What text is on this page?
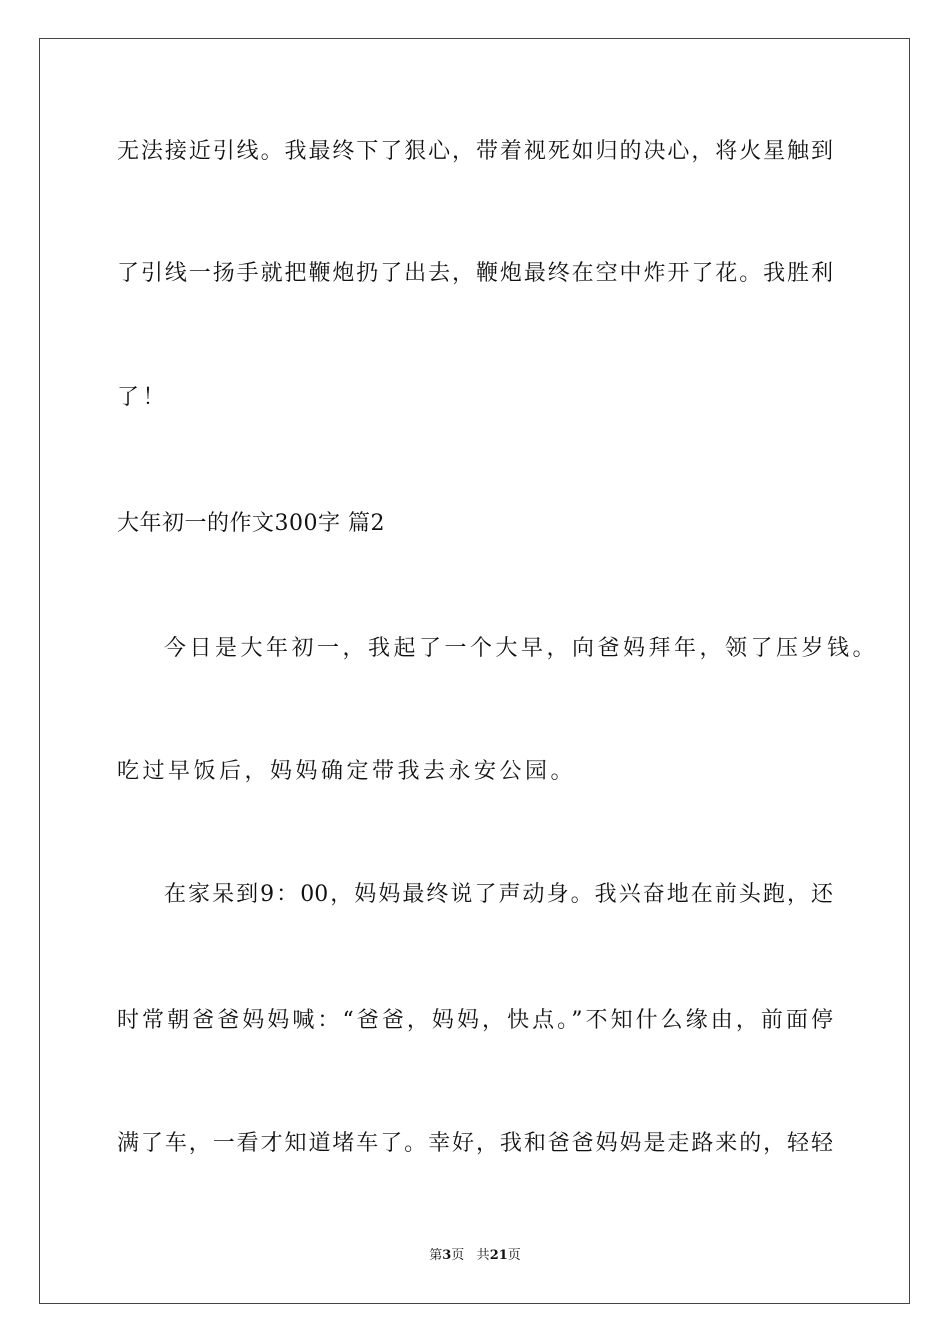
无法接近引线。我最终下了狠心，带着视死如归的决心，将火星触到
了引线一扬手就把鞭炮扔了出去，鞭炮最终在空中炸开了花。我胜利
了！
大年初一的作文300字 篇2
今日是大年初一，我起了一个大早，向爸妈拜年，领了压岁钱。
吃过早饭后，妈妈确定带我去永安公园。
在家呆到9：00，妈妈最终说了声动身。我兴奋地在前头跑，还
时常朝爸爸妈妈喊：“爸爸，妈妈，快点。”不知什么缘由，前面停
满了车，一看才知道堵车了。幸好，我和爸爸妈妈是走路来的，轻轻
第3页 共21页
